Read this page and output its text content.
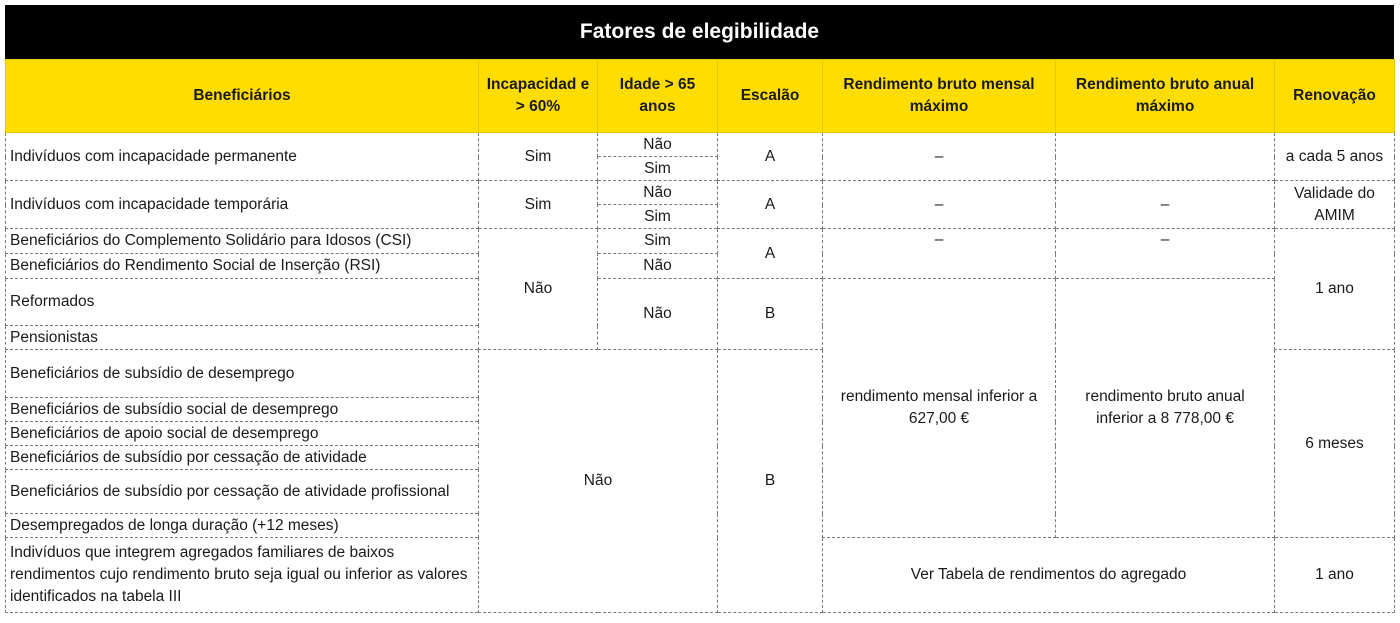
Fatores de elegibilidade
Beneficiários	Incapacidad e > 60%	Idade > 65 anos	Escalão	Rendimento bruto mensal máximo	Rendimento bruto anual máximo	Renovação
Indivíduos com incapacidade permanente	Sim	Não	A	–		a cada 5 anos
		Sim				
Indivíduos com incapacidade temporária	Sim	Não	A	–	–	Validade do AMIM
		Sim				
Beneficiários do Complemento Solidário para Idosos (CSI)	Não	Sim	A	–	–	1 ano
Beneficiários do Rendimento Social de Inserção (RSI)		Não				
Reformados		Não	B	rendimento mensal inferior a 627,00 €	rendimento bruto anual inferior a 8 778,00 €	
Pensionistas						
Beneficiários de subsídio de desemprego	Não		B			6 meses
Beneficiários de subsídio social de desemprego						
Beneficiários de apoio social de desemprego						
Beneficiários de subsídio por cessação de atividade						
Beneficiários de subsídio por cessação de atividade profissional						
Desempregados de longa duração (+12 meses)						
Indivíduos que integrem agregados familiares de baixos rendimentos cujo rendimento bruto seja igual ou inferior as valores identificados na tabela III				Ver Tabela de rendimentos do agregado		1 ano
